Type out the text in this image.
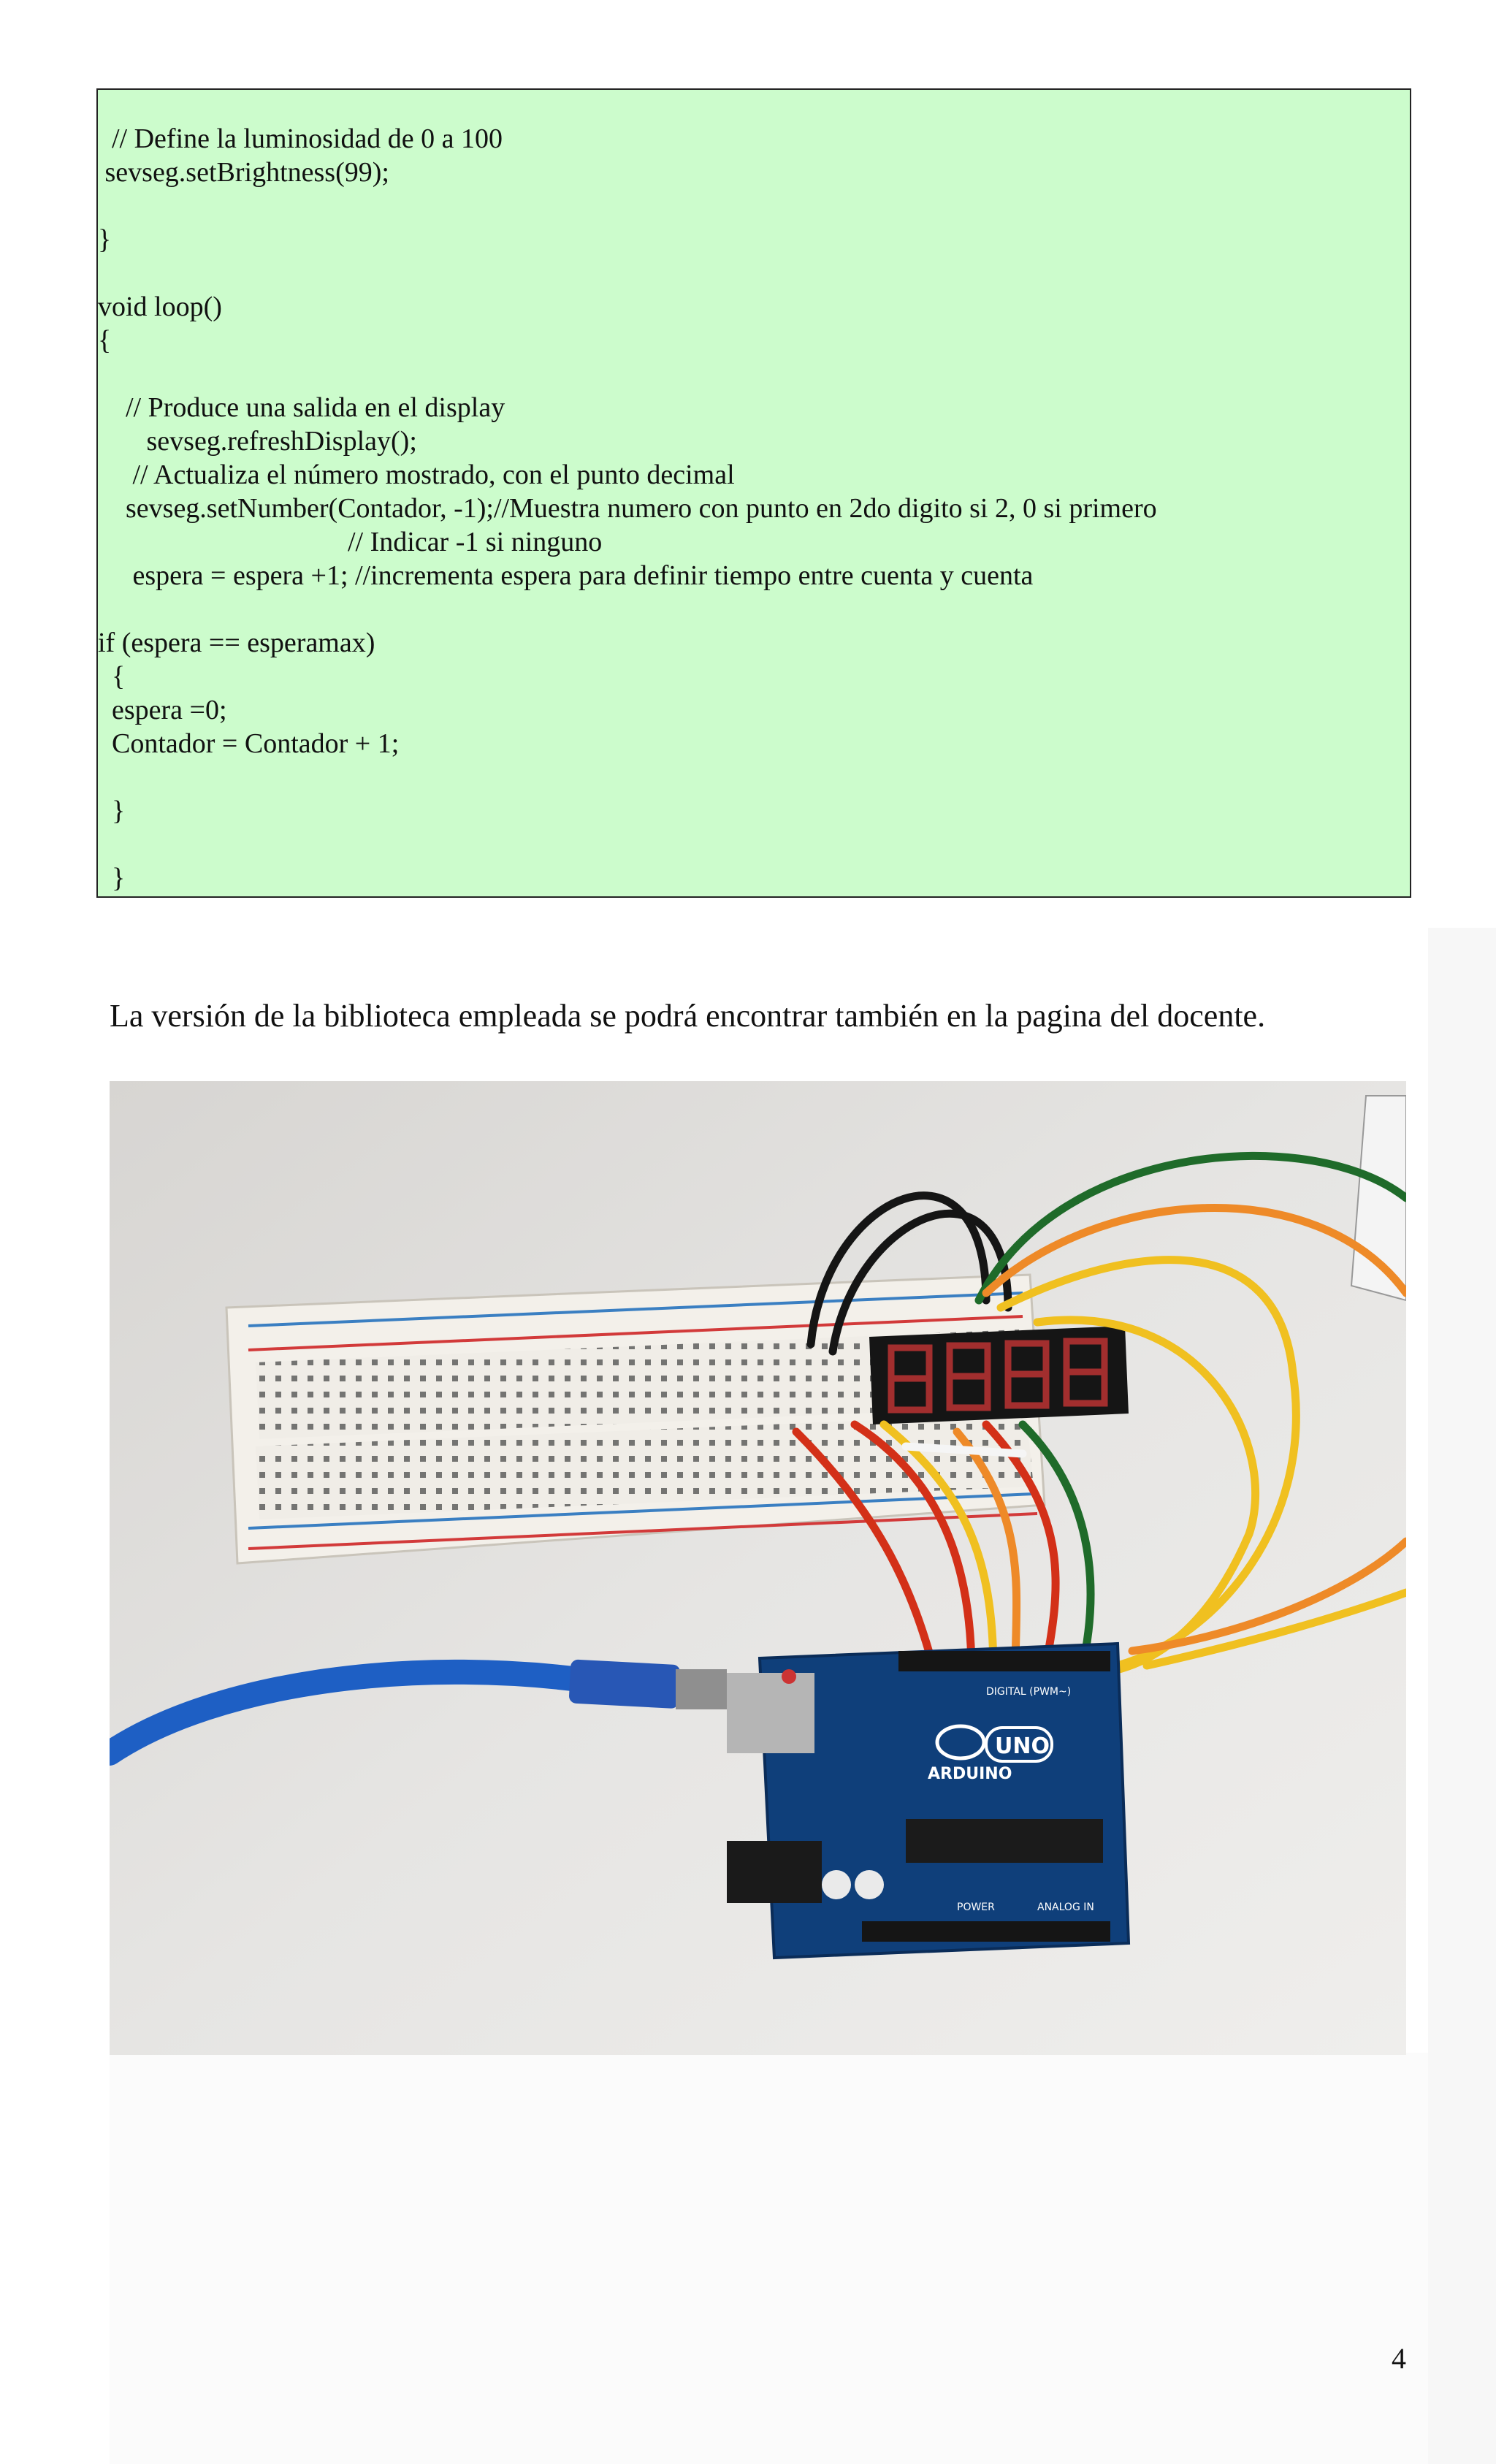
// Define la luminosidad de 0 a 100
sevseg.setBrightness(99);
}
void loop()
{
// Produce una salida en el display
sevseg.refreshDisplay();
// Actualiza el número mostrado, con el punto decimal
sevseg.setNumber(Contador, -1);//Muestra numero con punto en 2do digito si 2, 0 si primero
// Indicar -1 si ninguno
espera = espera +1; //incrementa espera para definir tiempo entre cuenta y cuenta
if (espera == esperamax)
{
espera =0;
Contador = Contador + 1;
}
}
La versión de la biblioteca empleada se podrá encontrar también en la pagina del docente.
ARDUINO
UNO
DIGITAL (PWM~)
POWER	ANALOG IN
4
